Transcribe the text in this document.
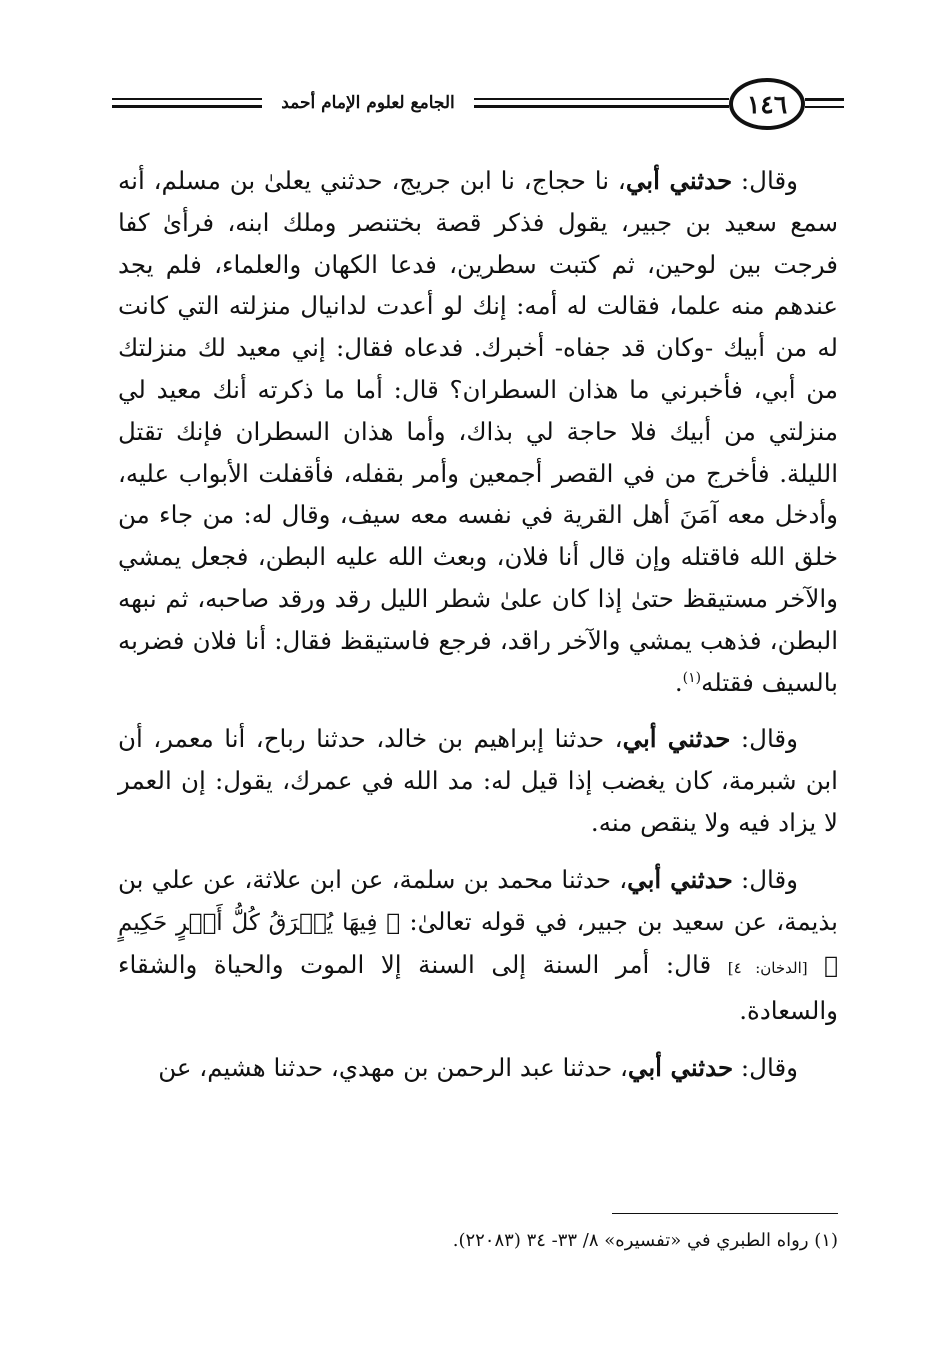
١٤٦
الجامع لعلوم الإمام أحمد

وقال: حدثني أبي، نا حجاج، نا ابن جريج، حدثني يعلىٰ بن مسلم، أنه سمع سعيد بن جبير، يقول فذكر قصة بختنصر وملك ابنه، فرأىٰ كفا فرجت بين لوحين، ثم كتبت سطرين، فدعا الكهان والعلماء، فلم يجد عندهم منه علما، فقالت له أمه: إنك لو أعدت لدانيال منزلته التي كانت له من أبيك -وكان قد جفاه- أخبرك. فدعاه فقال: إني معيد لك منزلتك من أبي، فأخبرني ما هذان السطران؟ قال: أما ما ذكرته أنك معيد لي منزلتي من أبيك فلا حاجة لي بذاك، وأما هذان السطران فإنك تقتل الليلة. فأخرج من في القصر أجمعين وأمر بقفله، فأقفلت الأبواب عليه، وأدخل معه آمَنَ أهل القرية في نفسه معه سيف، وقال له: من جاء من خلق الله فاقتله وإن قال أنا فلان، وبعث الله عليه البطن، فجعل يمشي والآخر مستيقظ حتىٰ إذا كان علىٰ شطر الليل رقد ورقد صاحبه، ثم نبهه البطن، فذهب يمشي والآخر راقد، فرجع فاستيقظ فقال: أنا فلان فضربه بالسيف فقتله$^{(١)}$.

وقال: حدثني أبي، حدثنا إبراهيم بن خالد، حدثنا رباح، أنا معمر، أن ابن شبرمة، كان يغضب إذا قيل له: مد الله في عمرك، يقول: إن العمر لا يزاد فيه ولا ينقص منه.

وقال: حدثني أبي، حدثنا محمد بن سلمة، عن ابن علاثة، عن علي بن بذيمة، عن سعيد بن جبير، في قوله تعالىٰ: ﴿ فِيهَا يُفۡرَقُ كُلُّ أَمۡرٍ حَكِيمٍ ﴾ [الدخان: ٤] قال: أمر السنة إلى السنة إلا الموت والحياة والشقاء والسعادة.

وقال: حدثني أبي، حدثنا عبد الرحمن بن مهدي، حدثنا هشيم، عن

(١) رواه الطبري في «تفسيره» ٨/ ٣٣- ٣٤ (٢٢٠٨٣).
